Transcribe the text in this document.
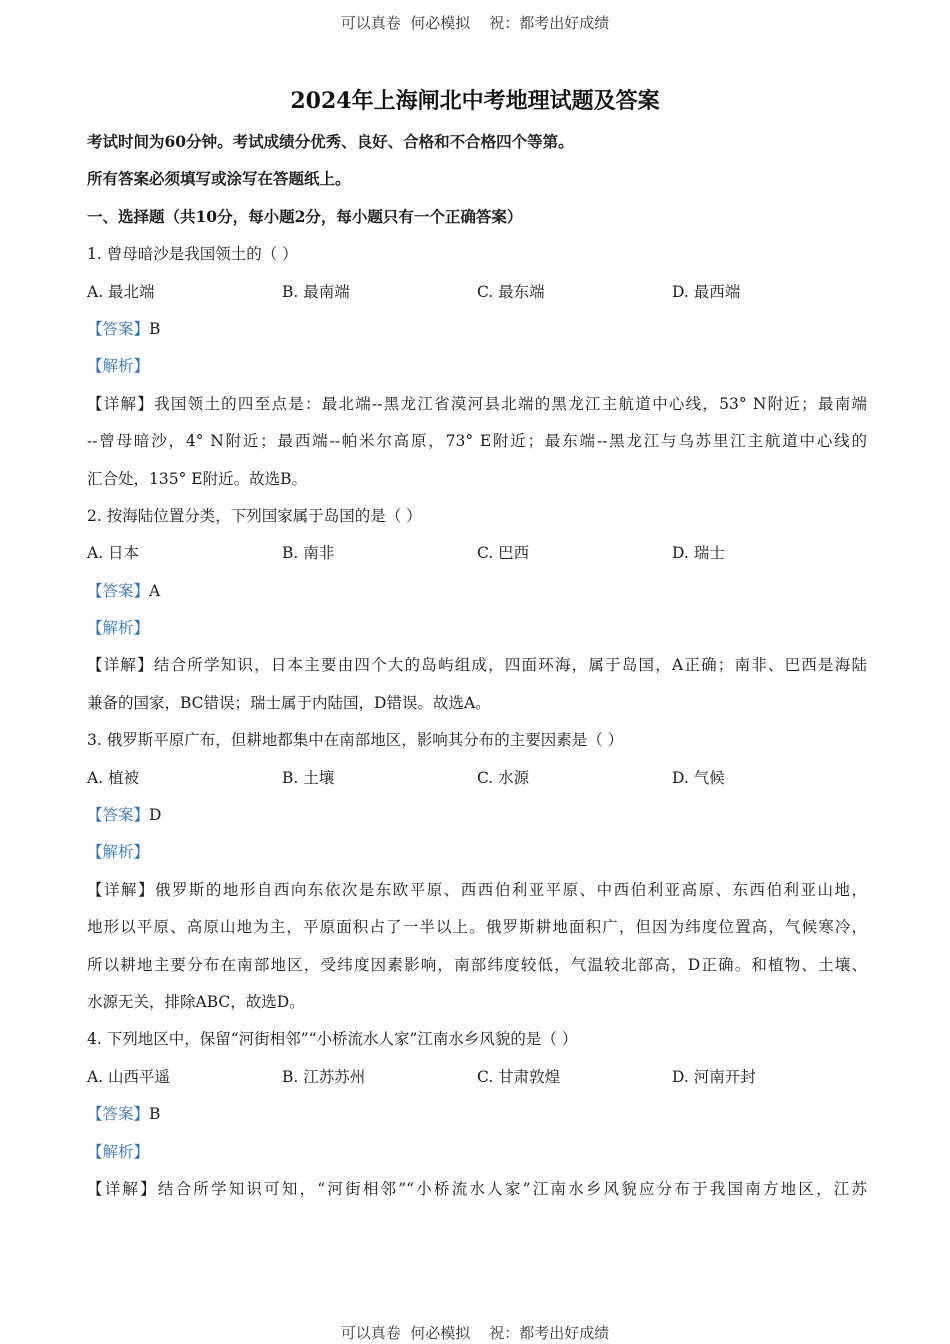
可以真卷  何必模拟    祝：都考出好成绩
2024年上海闸北中考地理试题及答案
考试时间为60分钟。考试成绩分优秀、良好、合格和不合格四个等第。
所有答案必须填写或涂写在答题纸上。
一、选择题（共10分，每小题2分，每小题只有一个正确答案）
1. 曾母暗沙是我国领土的（ ）
A. 最北端	B. 最南端	C. 最东端	D. 最西端
【答案】B
【解析】
【详解】我国领土的四至点是：最北端--黑龙江省漠河县北端的黑龙江主航道中心线，53° N附近；最南端
--曾母暗沙，4° N附近；最西端--帕米尔高原，73° E附近；最东端--黑龙江与乌苏里江主航道中心线的
汇合处，135° E附近。故选B。
2. 按海陆位置分类，下列国家属于岛国的是（ ）
A. 日本	B. 南非	C. 巴西	D. 瑞士
【答案】A
【解析】
【详解】结合所学知识，日本主要由四个大的岛屿组成，四面环海，属于岛国，A正确；南非、巴西是海陆
兼备的国家，BC错误；瑞士属于内陆国，D错误。故选A。
3. 俄罗斯平原广布，但耕地都集中在南部地区，影响其分布的主要因素是（ ）
A. 植被	B. 土壤	C. 水源	D. 气候
【答案】D
【解析】
【详解】俄罗斯的地形自西向东依次是东欧平原、西西伯利亚平原、中西伯利亚高原、东西伯利亚山地，
地形以平原、高原山地为主，平原面积占了一半以上。俄罗斯耕地面积广，但因为纬度位置高，气候寒冷，
所以耕地主要分布在南部地区，受纬度因素影响，南部纬度较低，气温较北部高，D正确。和植物、土壤、
水源无关，排除ABC，故选D。
4. 下列地区中，保留“河街相邻”“小桥流水人家”江南水乡风貌的是（ ）
A. 山西平遥	B. 江苏苏州	C. 甘肃敦煌	D. 河南开封
【答案】B
【解析】
【详解】结合所学知识可知，“河街相邻”“小桥流水人家”江南水乡风貌应分布于我国南方地区，江苏
可以真卷  何必模拟    祝：都考出好成绩
